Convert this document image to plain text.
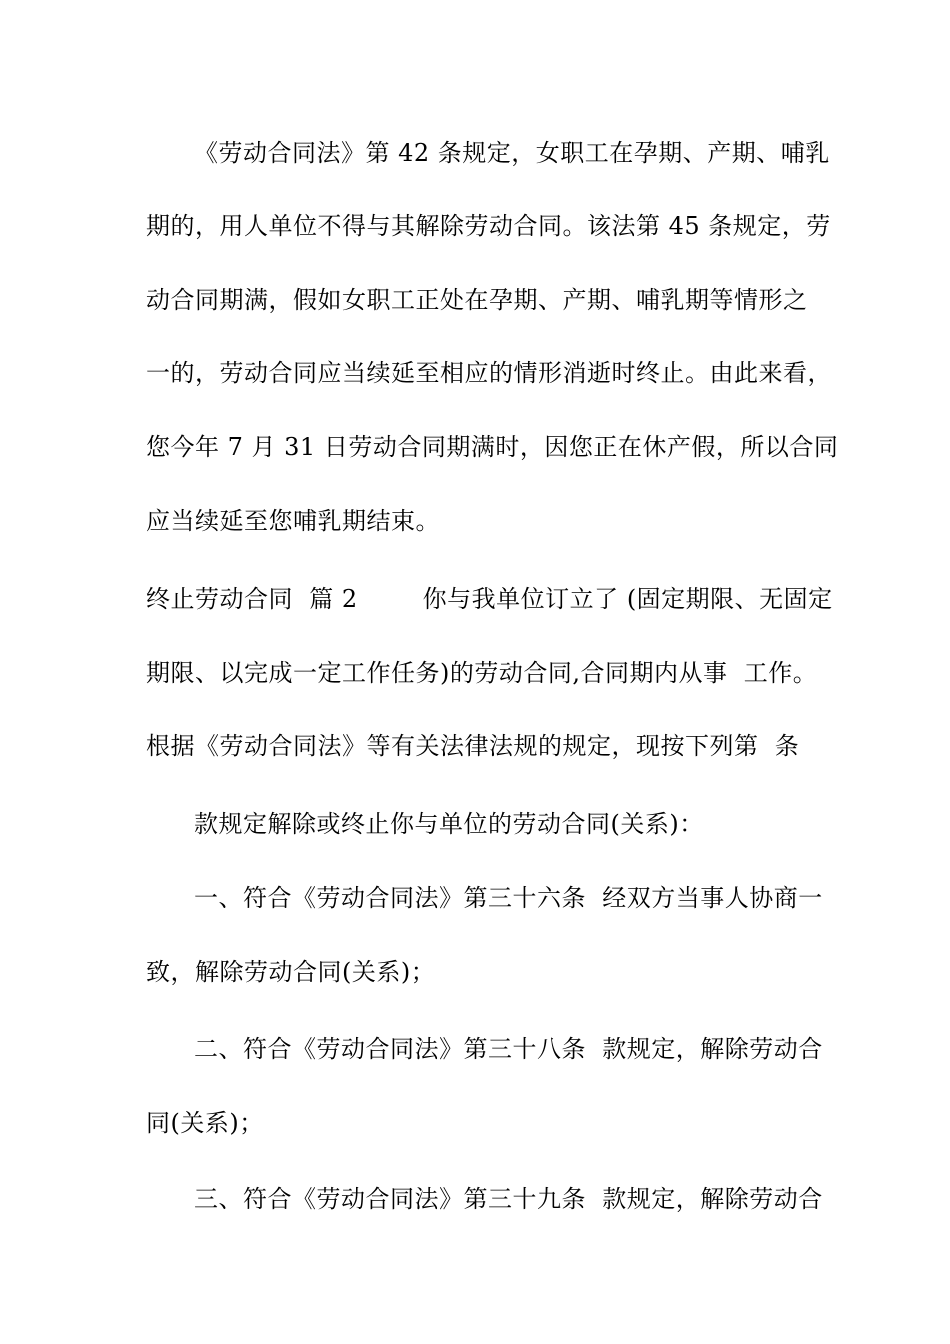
《劳动合同法》第 42 条规定，女职工在孕期、产期、哺乳
期的，用人单位不得与其解除劳动合同。该法第 45 条规定，劳
动合同期满，假如女职工正处在孕期、产期、哺乳期等情形之
一的，劳动合同应当续延至相应的情形消逝时终止。由此来看，
您今年 7 月 31 日劳动合同期满时，因您正在休产假，所以合同
应当续延至您哺乳期结束。
终止劳动合同  篇 2        你与我单位订立了 (固定期限、无固定
期限、以完成一定工作任务)的劳动合同,合同期内从事  工作。
根据《劳动合同法》等有关法律法规的规定，现按下列第  条
款规定解除或终止你与单位的劳动合同(关系)：
一、符合《劳动合同法》第三十六条  经双方当事人协商一
致，解除劳动合同(关系)；
二、符合《劳动合同法》第三十八条  款规定，解除劳动合
同(关系)；
三、符合《劳动合同法》第三十九条  款规定，解除劳动合
